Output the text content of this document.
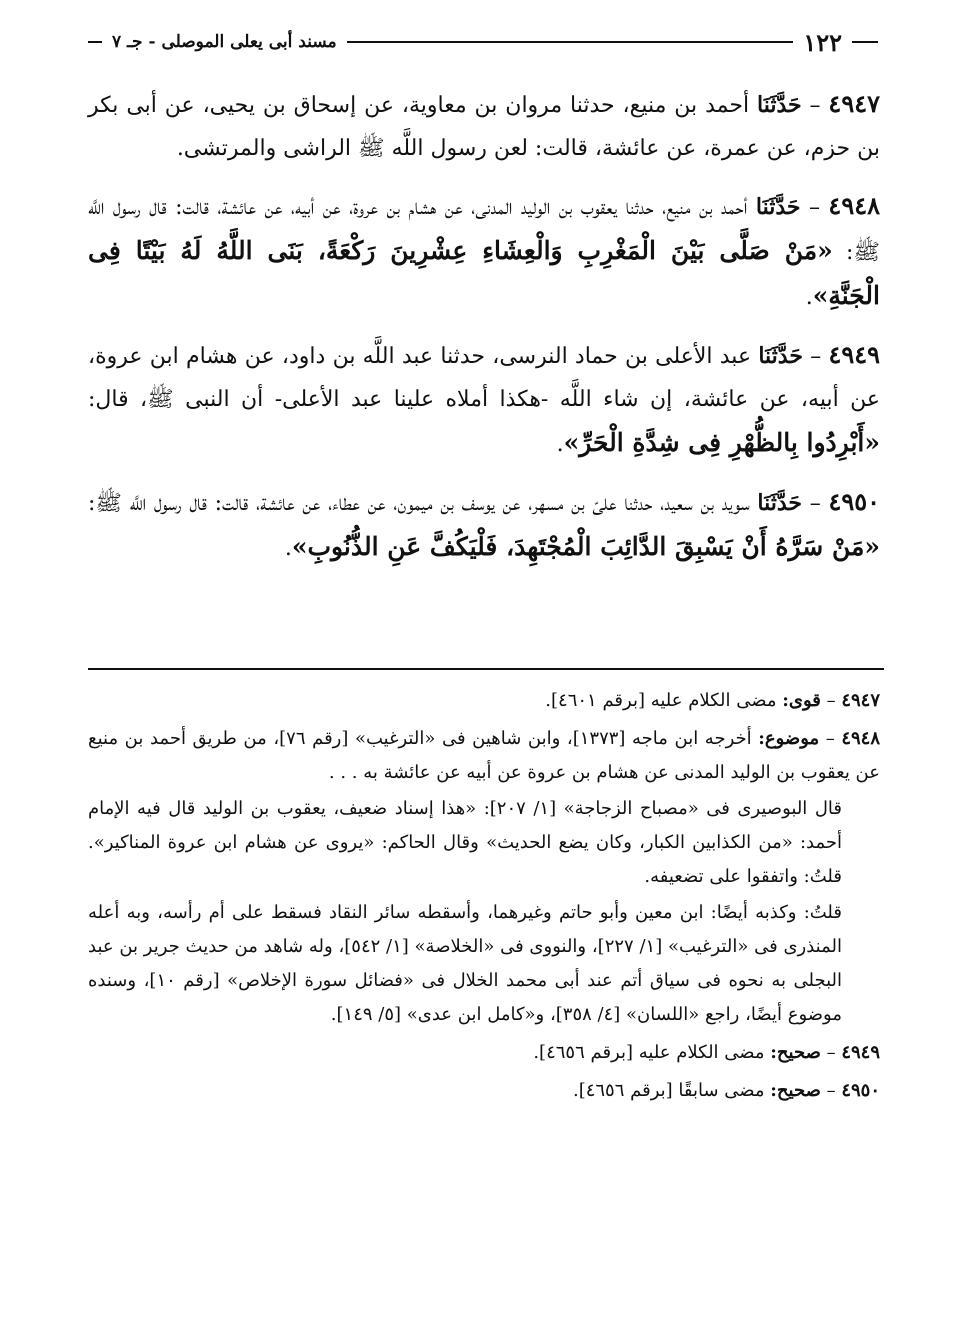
١٢٢
مسند أبى يعلى الموصلى - جـ ٧

٤٩٤٧ – حَدَّثَنَا أحمد بن منيع، حدثنا مروان بن معاوية، عن إسحاق بن يحيى، عن أبى بكر بن حزم، عن عمرة، عن عائشة، قالت: لعن رسول اللَّه ﷺ الراشى والمرتشى.

٤٩٤٨ – حَدَّثَنَا أحمد بن منيع، حدثنا يعقوب بن الوليد المدنى، عن هشام بن عروة، عن أبيه، عن عائشة، قالت: قال رسول اللَّه ﷺ: «مَنْ صَلَّى بَيْنَ الْمَغْرِبِ وَالْعِشَاءِ عِشْرِينَ رَكْعَةً، بَنَى اللَّهُ لَهُ بَيْتًا فِى الْجَنَّةِ».

٤٩٤٩ – حَدَّثَنَا عبد الأعلى بن حماد النرسى، حدثنا عبد اللَّه بن داود، عن هشام ابن عروة، عن أبيه، عن عائشة، إن شاء اللَّه -هكذا أملاه علينا عبد الأعلى- أن النبى ﷺ، قال: «أَبْرِدُوا بِالظُّهْرِ فِى شِدَّةِ الْحَرِّ».

٤٩٥٠ – حَدَّثَنَا سويد بن سعيد، حدثنا علىّ بن مسهر، عن يوسف بن ميمون، عن عطاء، عن عائشة، قالت: قال رسول اللَّه ﷺ: «مَنْ سَرَّهُ أَنْ يَسْبِقَ الدَّائِبَ الْمُجْتَهِدَ، فَلْيَكُفَّ عَنِ الذُّنُوبِ».

٤٩٤٧ – قوى: مضى الكلام عليه [برقم ٤٦٠١].
٤٩٤٨ – موضوع: أخرجه ابن ماجه [١٣٧٣]، وابن شاهين فى «الترغيب» [رقم ٧٦]، من طريق أحمد بن منيع عن يعقوب بن الوليد المدنى عن هشام بن عروة عن أبيه عن عائشة به . . .
قال البوصيرى فى «مصباح الزجاجة» [١/ ٢٠٧]: «هذا إسناد ضعيف، يعقوب بن الوليد قال فيه الإمام أحمد: «من الكذابين الكبار، وكان يضع الحديث» وقال الحاكم: «يروى عن هشام ابن عروة المناكير». قلتُ: واتفقوا على تضعيفه.
قلتُ: وكذبه أيضًا: ابن معين وأبو حاتم وغيرهما، وأسقطه سائر النقاد فسقط على أم رأسه، وبه أعله المنذرى فى «الترغيب» [١/ ٢٢٧]، والنووى فى «الخلاصة» [١/ ٥٤٢]، وله شاهد من حديث جرير بن عبد البجلى به نحوه فى سياق أتم عند أبى محمد الخلال فى «فضائل سورة الإخلاص» [رقم ١٠]، وسنده موضوع أيضًا، راجع «اللسان» [٤/ ٣٥٨]، و«كامل ابن عدى» [٥/ ١٤٩].
٤٩٤٩ – صحيح: مضى الكلام عليه [برقم ٤٦٥٦].
٤٩٥٠ – صحيح: مضى سابقًا [برقم ٤٦٥٦].
